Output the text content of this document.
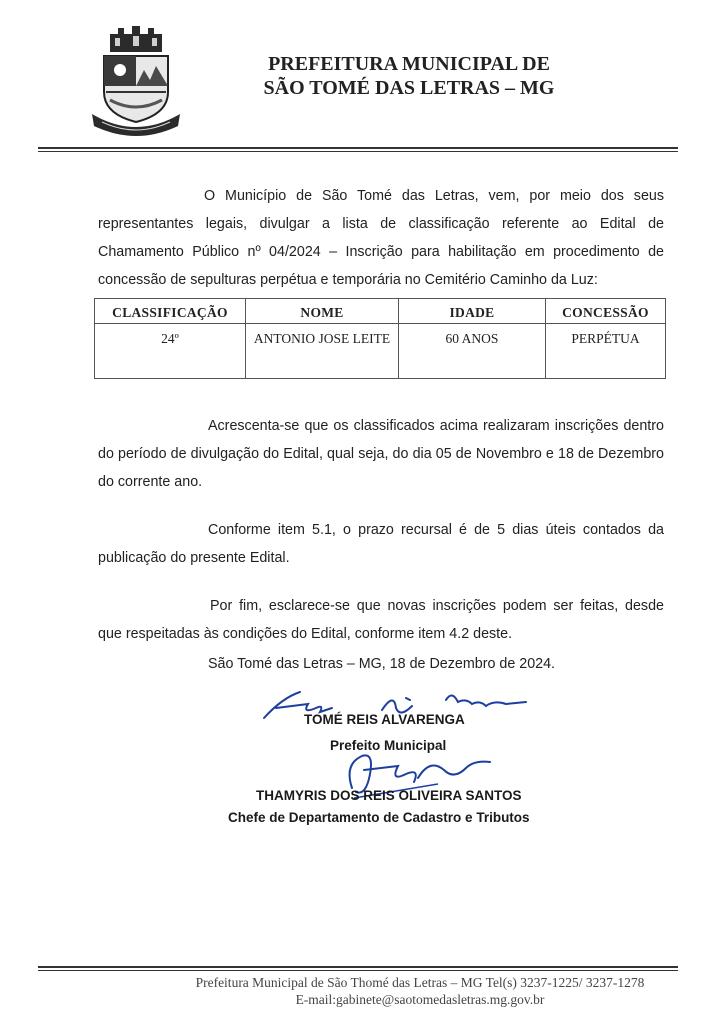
PREFEITURA MUNICIPAL DE
SÃO TOMÉ DAS LETRAS – MG

O Município de São Tomé das Letras, vem, por meio dos seus representantes legais, divulgar a lista de classificação referente ao Edital de Chamamento Público nº 04/2024 – Inscrição para habilitação em procedimento de concessão de sepulturas perpétua e temporária no Cemitério Caminho da Luz:

CLASSIFICAÇÃO	NOME	IDADE	CONCESSÃO
24º	ANTONIO JOSE LEITE	60 ANOS	PERPÉTUA

Acrescenta-se que os classificados acima realizaram inscrições dentro do período de divulgação do Edital, qual seja, do dia 05 de Novembro e 18 de Dezembro do corrente ano.

Conforme item 5.1, o prazo recursal é de 5 dias úteis contados da publicação do presente Edital.

Por fim, esclarece-se que novas inscrições podem ser feitas, desde que respeitadas às condições do Edital, conforme item 4.2 deste.

São Tomé das Letras – MG, 18 de Dezembro de 2024.
TOMÉ REIS ALVARENGA
Prefeito Municipal
THAMYRIS DOS REIS OLIVEIRA SANTOS
Chefe de Departamento de Cadastro e Tributos
Prefeitura Municipal de São Thomé das Letras – MG Tel(s) 3237-1225/ 3237-1278
E-mail:gabinete@saotomedasletras.mg.gov.br
